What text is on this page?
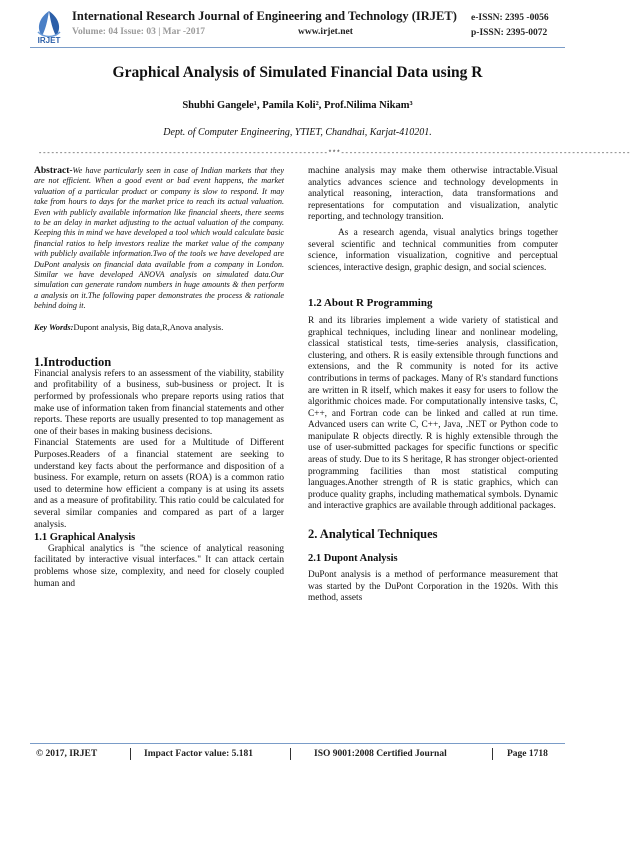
IRJET
International Research Journal of Engineering and Technology (IRJET)
Volume: 04 Issue: 03 | Mar -2017	www.irjet.net
e-ISSN: 2395 -0056
p-ISSN: 2395-0072
Graphical Analysis of Simulated Financial Data using R
Shubhi Gangele¹, Pamila Koli², Prof.Nilima Nikam³
Dept. of Computer Engineering, YTIET, Chandhai, Karjat-410201.
---------------------------------------------------------------------***---------------------------------------------------------------------

Abstract-We have particularly seen in case of Indian markets that they are not efficient. When a good event or bad event happens, the market valuation of a particular product or company is slow to respond. It may take from hours to days for the market price to reach its actual valuation. Even with publicly available information like financial sheets, there seems to be an delay in market adjusting to the actual valuation of the company. Keeping this in mind we have developed a tool which would calculate basic financial ratios to help investors realize the market value of the company with publicly available information.Two of the tools we have developed are DuPont analysis on financial data available from a company in London. Similar we have developed ANOVA analysis on simulated data.Our simulation can generate random numbers in huge amounts & then perform a analysis on it.The following paper demonstrates the process & rationale behind doing it.

Key Words:Dupont analysis, Big data,R,Anova analysis.

1.Introduction

Financial analysis refers to an assessment of the viability, stability and profitability of a business, sub-business or project. It is performed by professionals who prepare reports using ratios that make use of information taken from financial statements and other reports. These reports are usually presented to top management as one of their bases in making business decisions.

Financial Statements are used for a Multitude of Different Purposes.Readers of a financial statement are seeking to understand key facts about the performance and disposition of a business. For example, return on assets (ROA) is a common ratio used to determine how efficient a company is at using its assets and as a measure of profitability. This ratio could be calculated for several similar companies and compared as part of a larger analysis.

1.1 Graphical Analysis

Graphical analytics is "the science of analytical reasoning facilitated by interactive visual interfaces." It can attack certain problems whose size, complexity, and need for closely coupled human and

machine analysis may make them otherwise intractable.Visual analytics advances science and technology developments in analytical reasoning, interaction, data transformations and representations for computation and visualization, analytic reporting, and technology transition.

As a research agenda, visual analytics brings together several scientific and technical communities from computer science, information visualization, cognitive and perceptual sciences, interactive design, graphic design, and social sciences.

1.2 About R Programming

R and its libraries implement a wide variety of statistical and graphical techniques, including linear and nonlinear modeling, classical statistical tests, time-series analysis, classification, clustering, and others. R is easily extensible through functions and extensions, and the R community is noted for its active contributions in terms of packages. Many of R's standard functions are written in R itself, which makes it easy for users to follow the algorithmic choices made. For computationally intensive tasks, C, C++, and Fortran code can be linked and called at run time. Advanced users can write C, C++, Java, .NET or Python code to manipulate R objects directly. R is highly extensible through the use of user-submitted packages for specific functions or specific areas of study. Due to its S heritage, R has stronger object-oriented programming facilities than most statistical computing languages.Another strength of R is static graphics, which can produce quality graphs, including mathematical symbols. Dynamic and interactive graphics are available through additional packages.

2. Analytical Techniques
2.1 Dupont Analysis

DuPont analysis is a method of performance measurement that was started by the DuPont Corporation in the 1920s. With this method, assets

© 2017, IRJET	Impact Factor value: 5.181	ISO 9001:2008 Certified Journal	Page 1718
